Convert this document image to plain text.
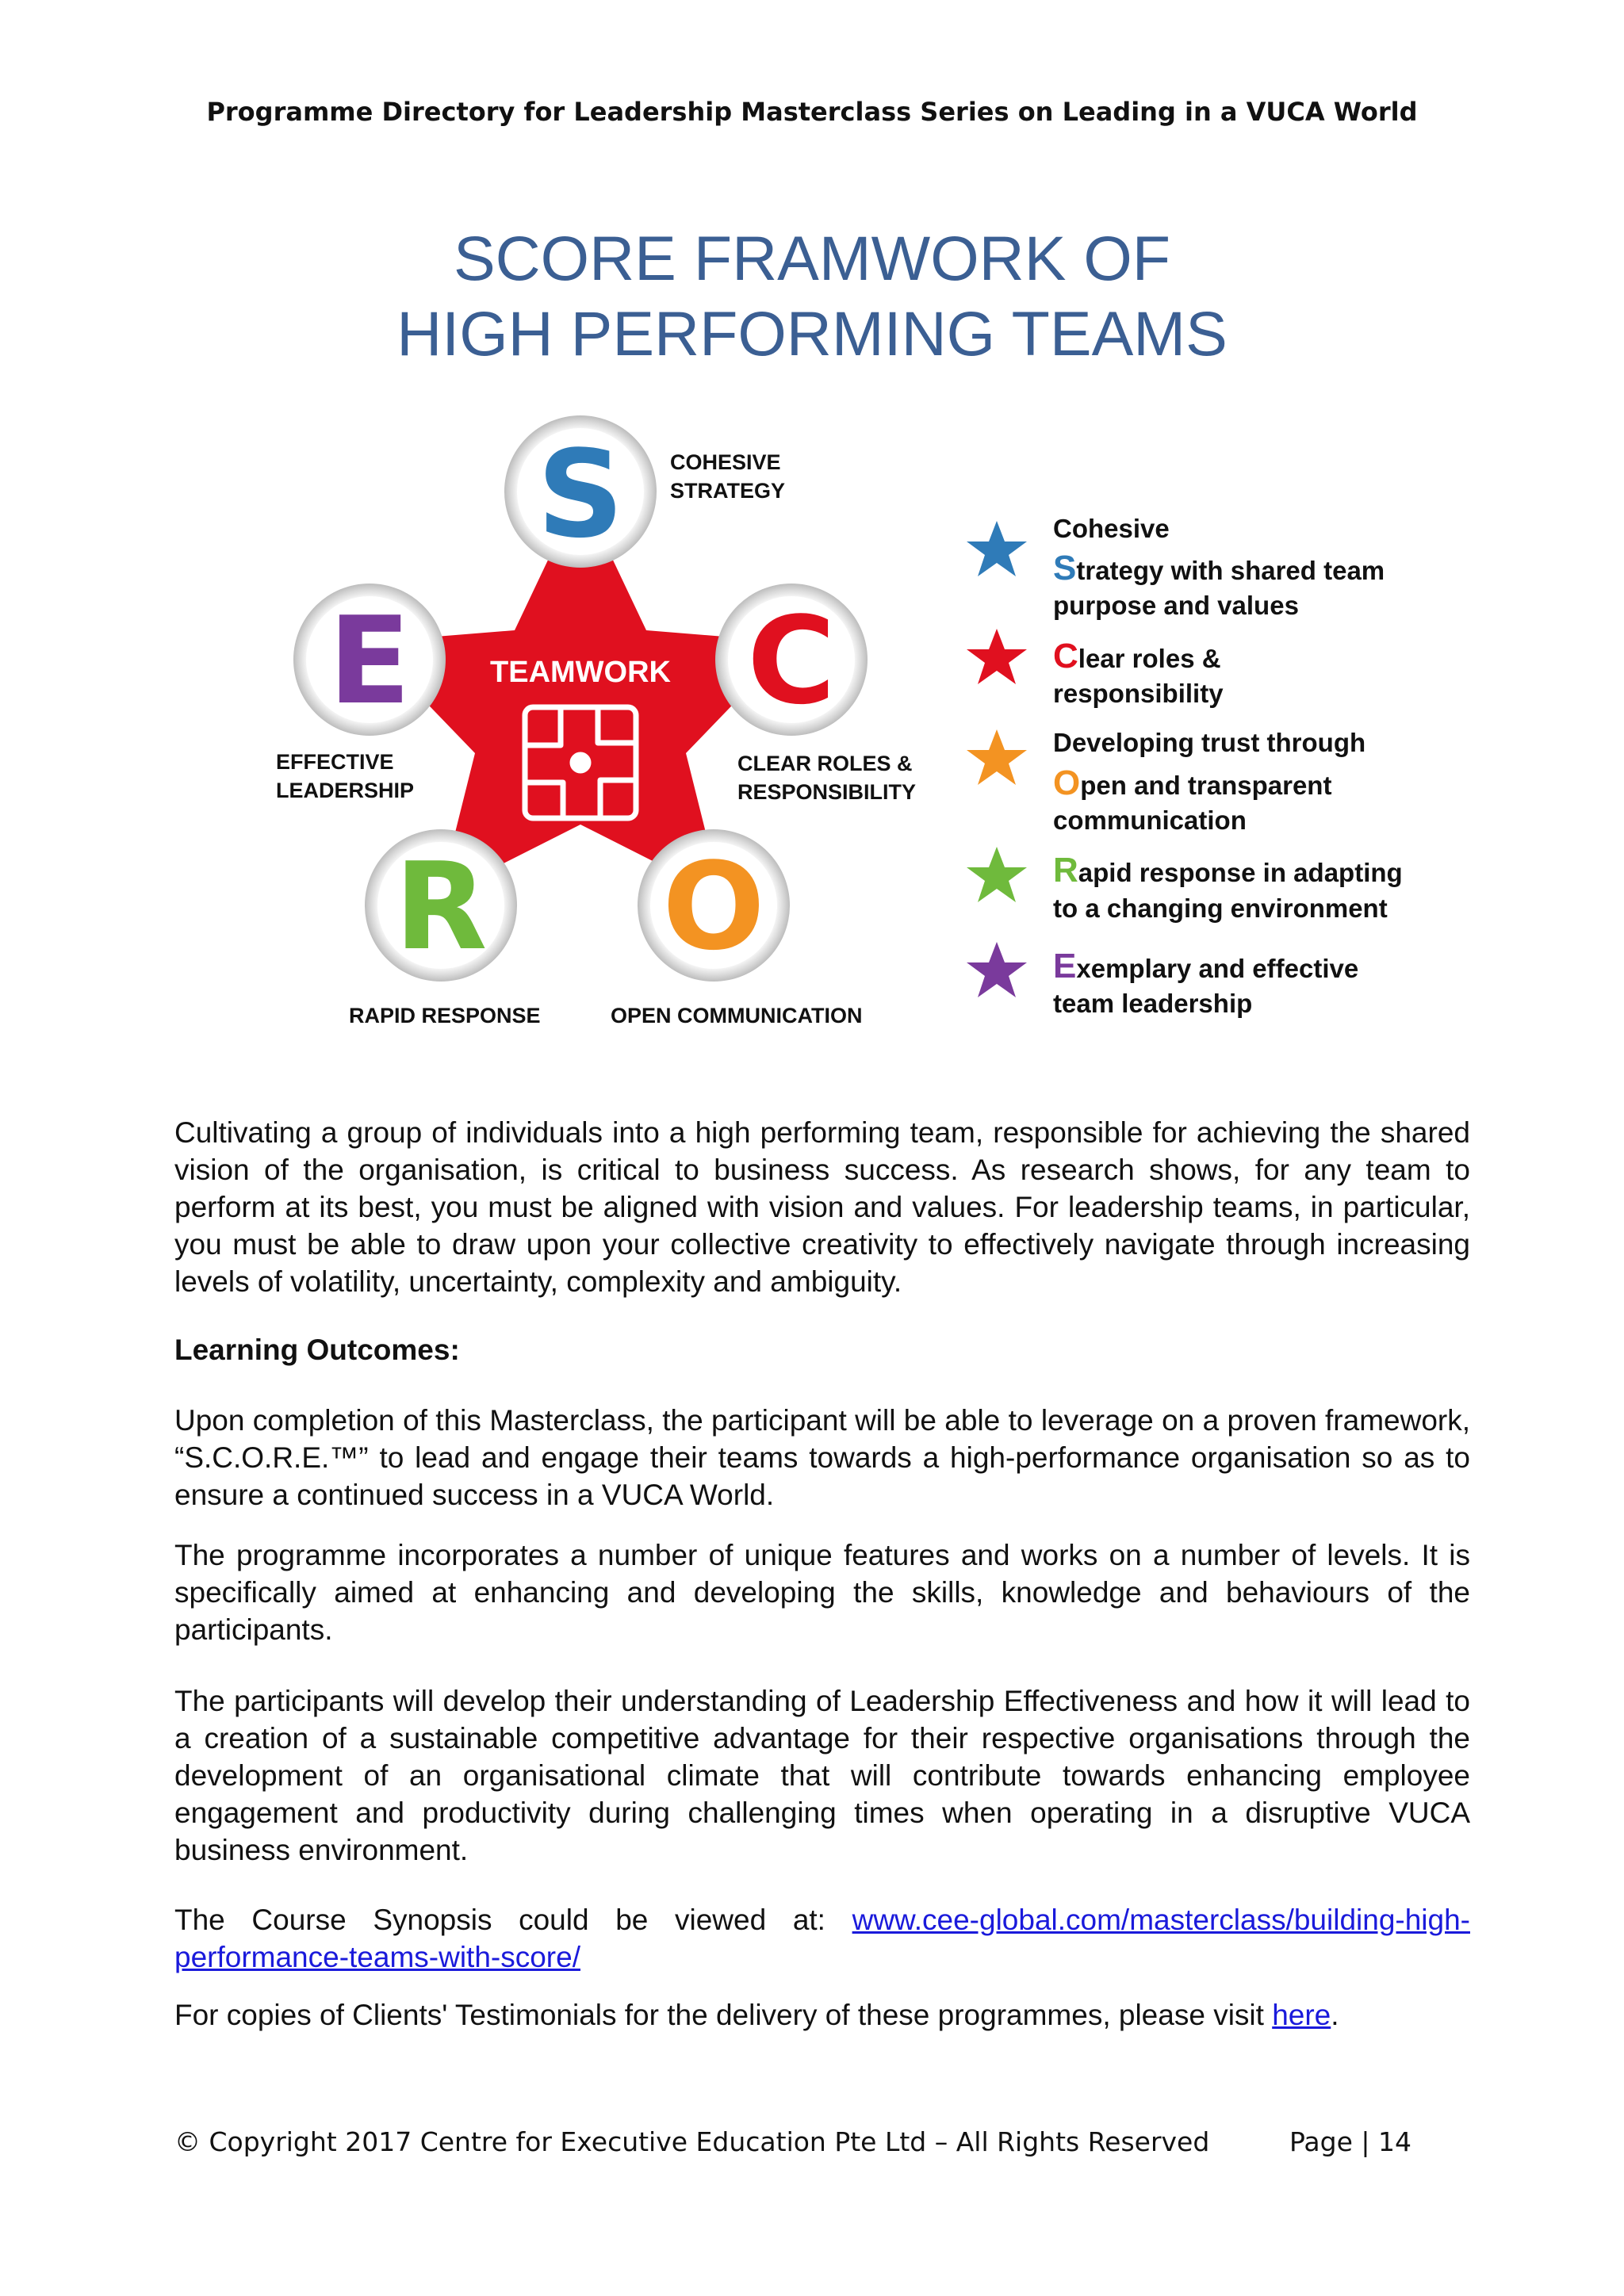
Programme Directory for Leadership Masterclass Series on Leading in a VUCA World
SCORE FRAMWORK OF
HIGH PERFORMING TEAMS
TEAMWORK
S
C
O
R
E
COHESIVE
STRATEGY
CLEAR ROLES &
RESPONSIBILITY
OPEN COMMUNICATION
RAPID RESPONSE
EFFECTIVE
LEADERSHIP
Cohesive
Strategy with shared team
purpose and values
Clear roles &
responsibility
Developing trust through
Open and transparent
communication
Rapid response in adapting
to a changing environment
Exemplary and effective
team leadership

Cultivating a group of individuals into a high performing team, responsible for achieving the shared vision of the organisation, is critical to business success. As research shows, for any team to perform at its best, you must be aligned with vision and values. For leadership teams, in particular, you must be able to draw upon your collective creativity to effectively navigate through increasing levels of volatility, uncertainty, complexity and ambiguity.

Learning Outcomes:

Upon completion of this Masterclass, the participant will be able to leverage on a proven framework, “S.C.O.R.E.™” to lead and engage their teams towards a high-performance organisation so as to ensure a continued success in a VUCA World.

The programme incorporates a number of unique features and works on a number of levels. It is specifically aimed at enhancing and developing the skills, knowledge and behaviours of the participants.

The participants will develop their understanding of Leadership Effectiveness and how it will lead to a creation of a sustainable competitive advantage for their respective organisations through the development of an organisational climate that will contribute towards enhancing employee engagement and productivity during challenging times when operating in a disruptive VUCA business environment.

The Course Synopsis could be viewed at: www.cee-global.com/masterclass/building-high-performance-teams-with-score/

For copies of Clients' Testimonials for the delivery of these programmes, please visit here.

© Copyright 2017 Centre for Executive Education Pte Ltd – All Rights Reserved	Page | 14
